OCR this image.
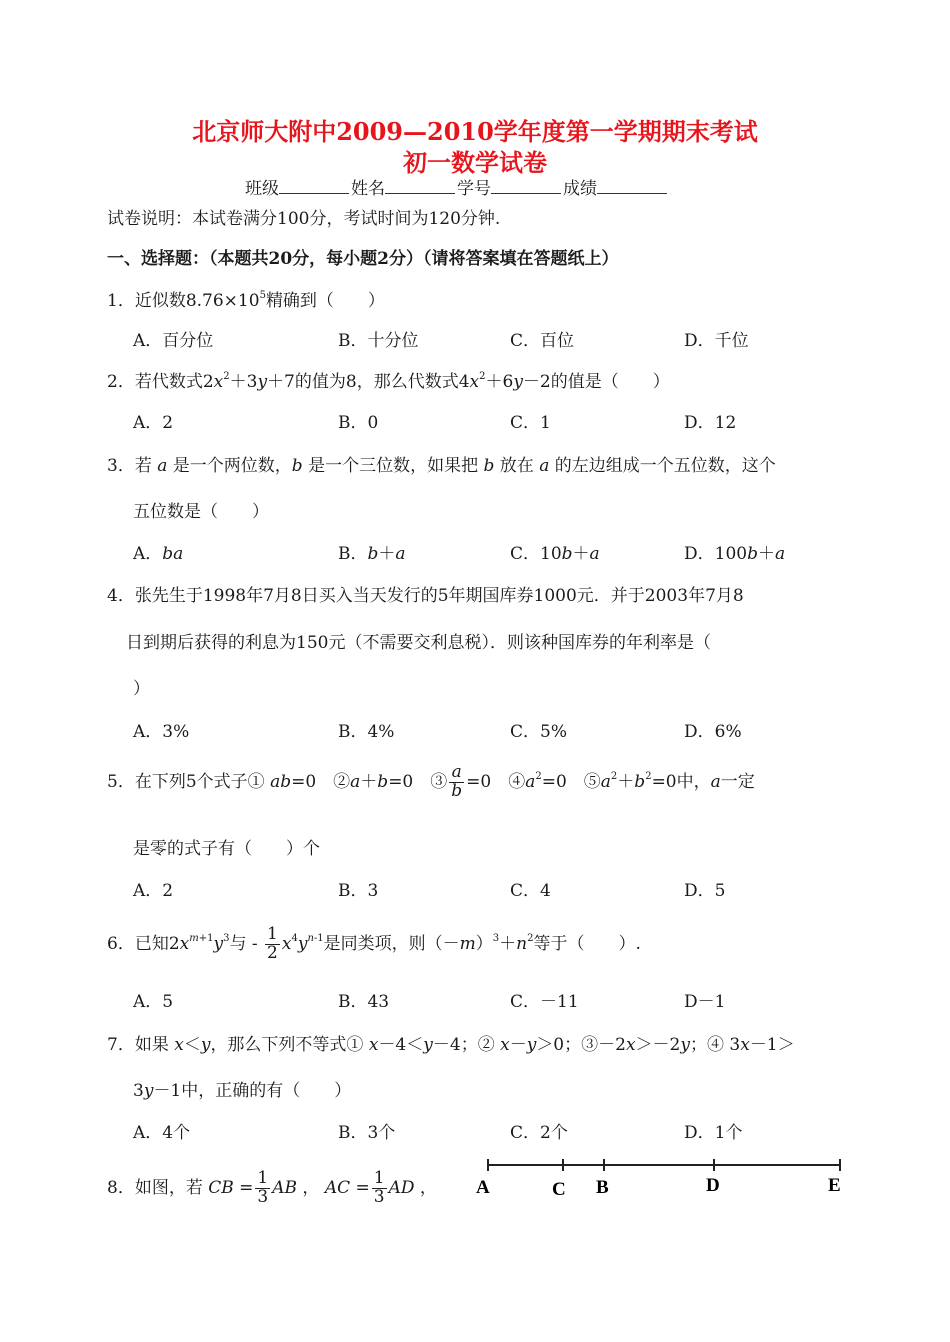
北京师大附中2009—2010学年度第一学期期末考试
初一数学试卷
班级	姓名	学号	成绩
试卷说明：本试卷满分100分，考试时间为120分钟.
一、选择题：（本题共20分，每小题2分）（请将答案填在答题纸上）
1．近似数$8.76\times 10^5$精确到（　　）
A．百分位	B．十分位	C．百位	D．千位
2．若代数式$2x^2+3y+7$的值为8，那么代数式$4x^2+6y-2$的值是（　　）
A．2	B．0	C．1	D．12
3．若 a 是一个两位数，b 是一个三位数，如果把 b 放在 a 的左边组成一个五位数，这个
五位数是（　　）
A．ba	B．b＋a	C．10b＋a	D．100b＋a
4．张先生于1998年7月8日买入当天发行的5年期国库券1000元．并于2003年7月8
日到期后获得的利息为150元（不需要交利息税）．则该种国库券的年利率是（
）
A．3%	B．4%	C．5%	D．6%
5．在下列5个式子① ab=0　②a＋b=0　③ $\frac{a}{b} =0$　$④a^2=0$　$⑤a^2+b^2=0$中，a一定
是零的式子有（　　）个
A．2	B．3	C．4	D．5
6．已知$2x^{m+1}y^3$与 - $\frac{1}{2} x^4y^{n-1}$是同类项，则$(-m)^3+n^2$等于（　　）.
A．5	B．43	C．－11	D－1
7．如果 x＜y，那么下列不等式① x－4＜y－4；② x－y＞0；③－2x＞－2y；④ 3x－1＞
3y－1中，正确的有（　　）
A．4个	B．3个	C．2个	D．1个
8．如图，若 CB = $\frac{1}{3}$ AB ， AC = $\frac{1}{3}$ AD ， A	C B	D	E
